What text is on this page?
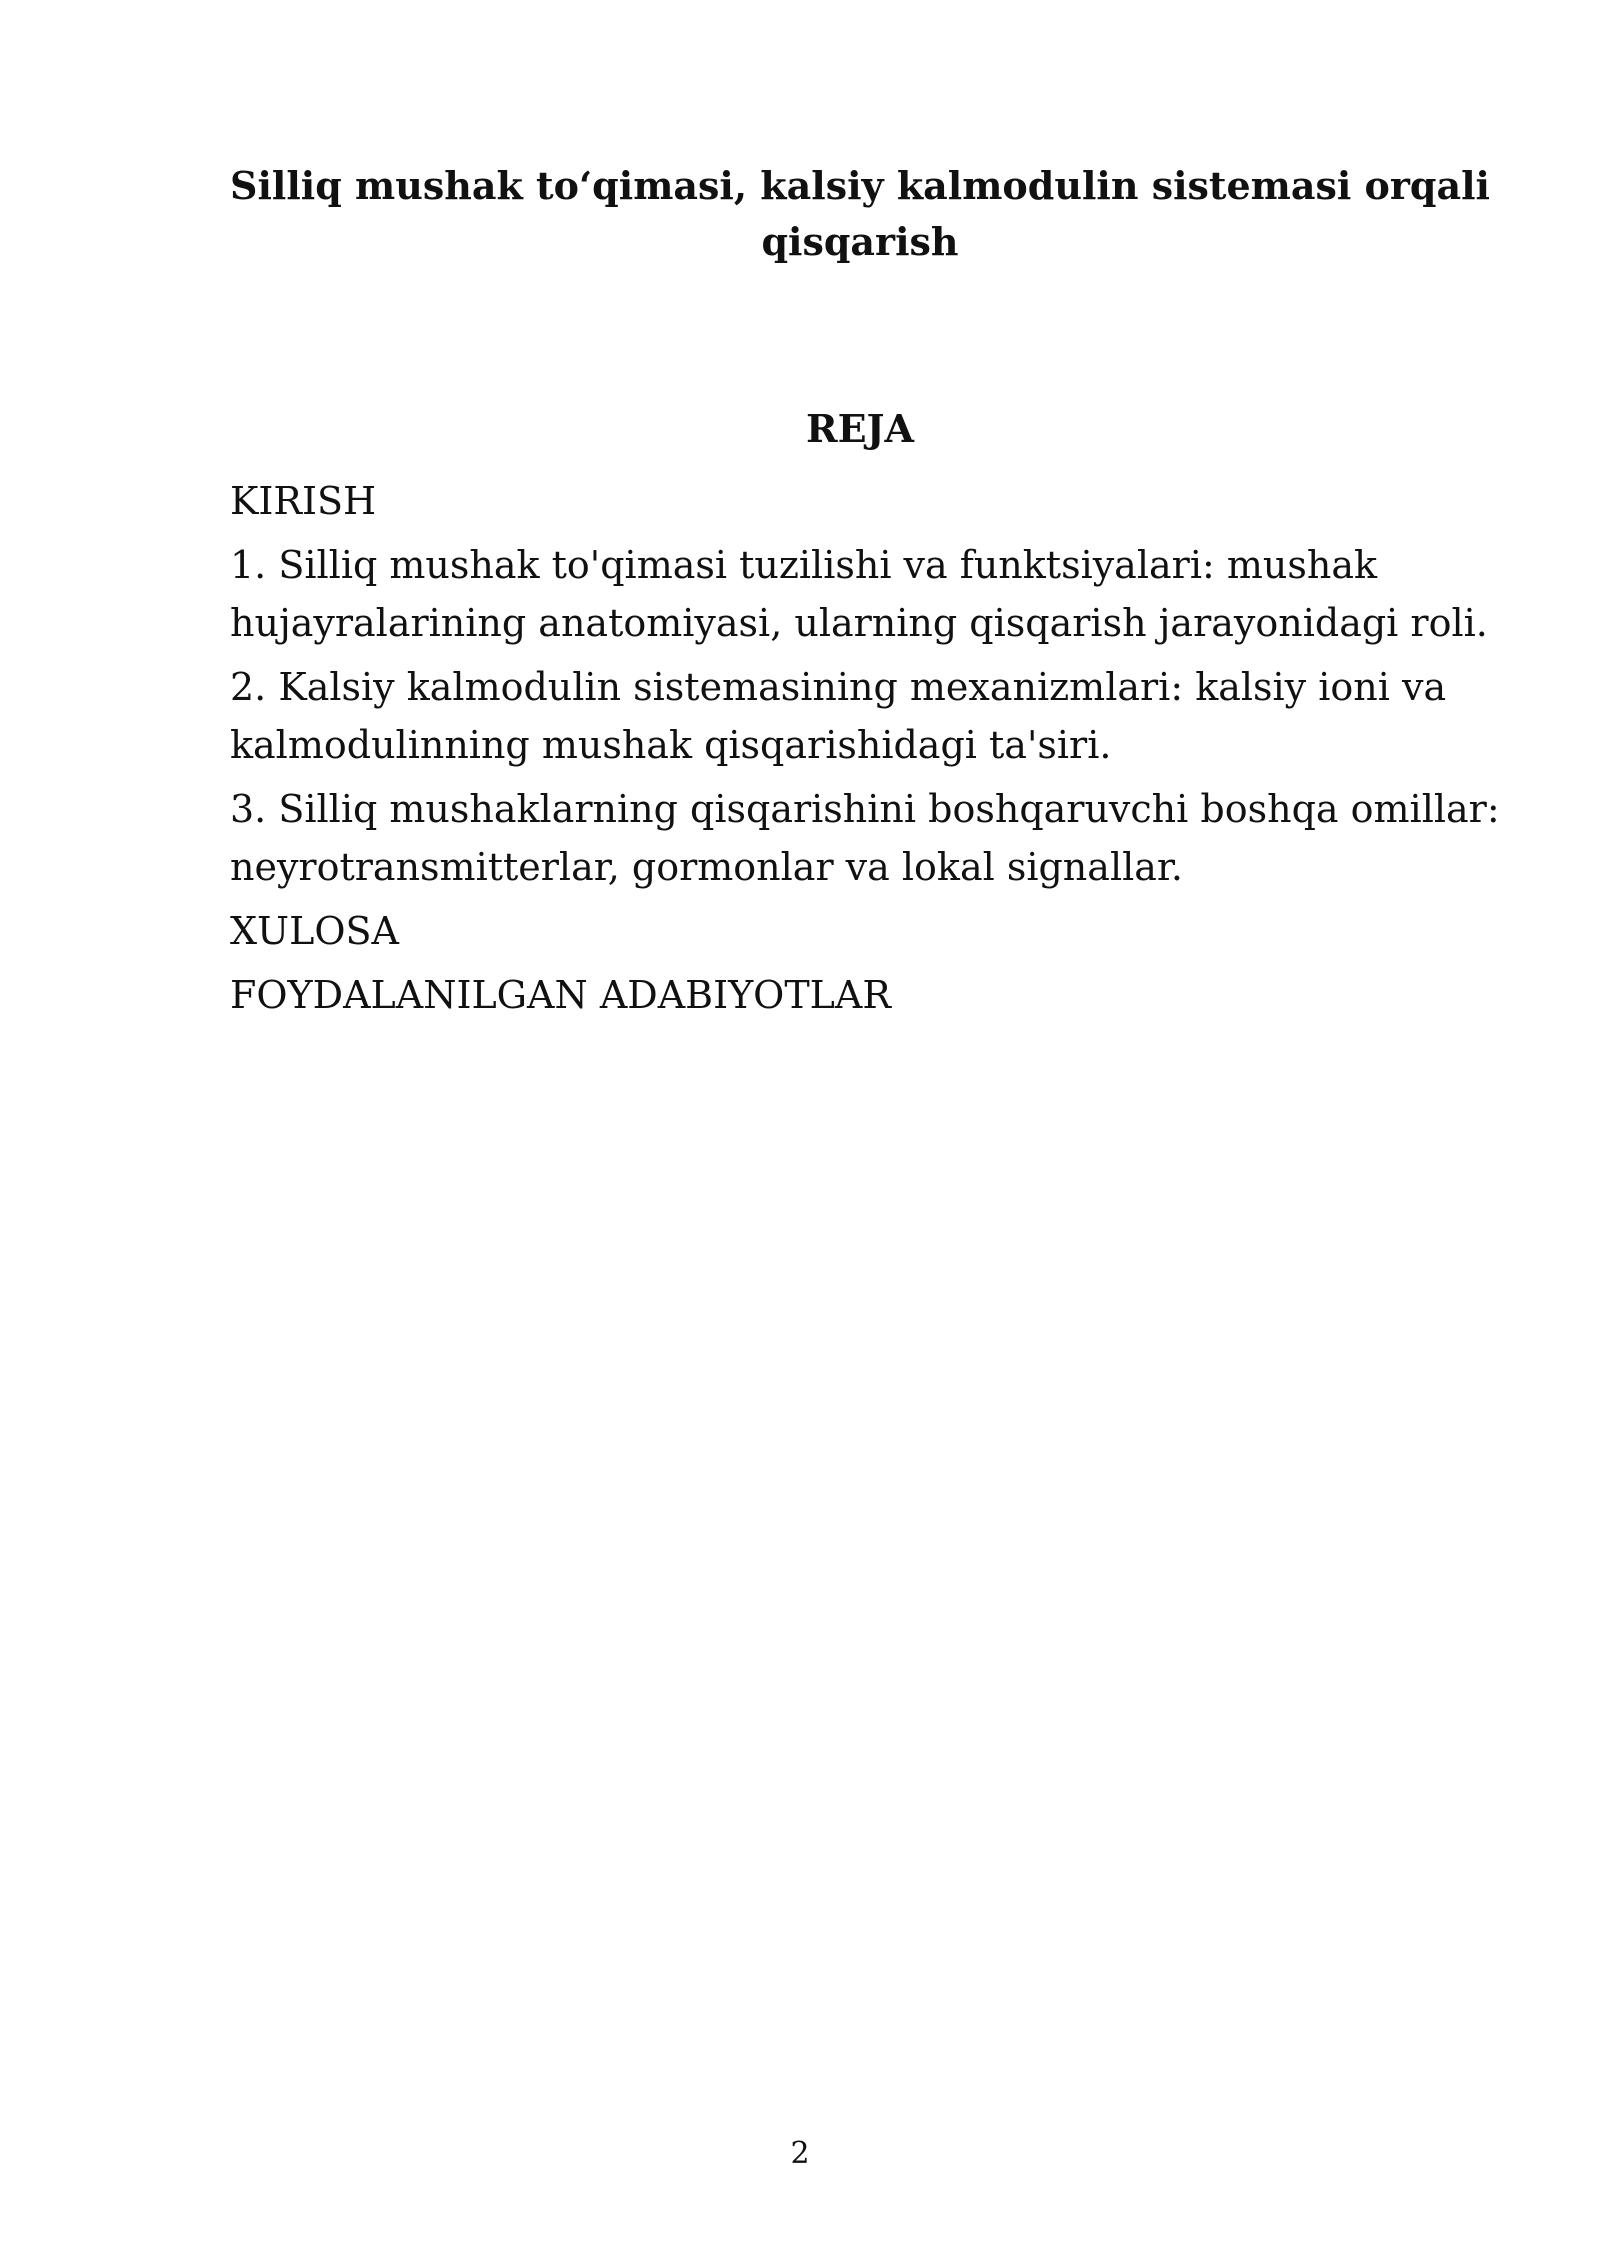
Silliq mushak to‘qimasi, kalsiy kalmodulin sistemasi orqali qisqarish
REJA
KIRISH
1. Silliq mushak to'qimasi tuzilishi va funktsiyalari: mushak hujayralarining anatomiyasi, ularning qisqarish jarayonidagi roli.
2. Kalsiy kalmodulin sistemasining mexanizmlari: kalsiy ioni va kalmodulinning mushak qisqarishidagi ta'siri.
3. Silliq mushaklarning qisqarishini boshqaruvchi boshqa omillar: neyrotransmitterlar, gormonlar va lokal signallar.
XULOSA
FOYDALANILGAN ADABIYOTLAR
2
